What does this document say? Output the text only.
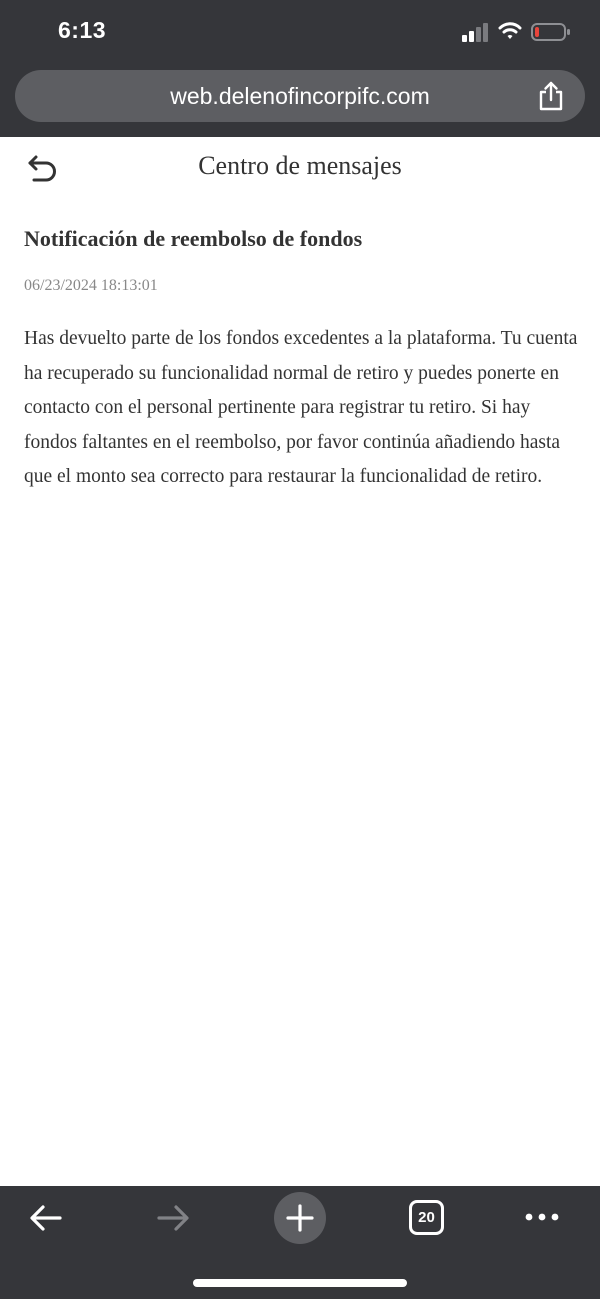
6:13
web.delenofincorpifc.com
Centro de mensajes
Notificación de reembolso de fondos
06/23/2024 18:13:01
Has devuelto parte de los fondos excedentes a la plataforma. Tu cuenta ha recuperado su funcionalidad normal de retiro y puedes ponerte en contacto con el personal pertinente para registrar tu retiro. Si hay fondos faltantes en el reembolso, por favor continúa añadiendo hasta que el monto sea correcto para restaurar la funcionalidad de retiro.
20
